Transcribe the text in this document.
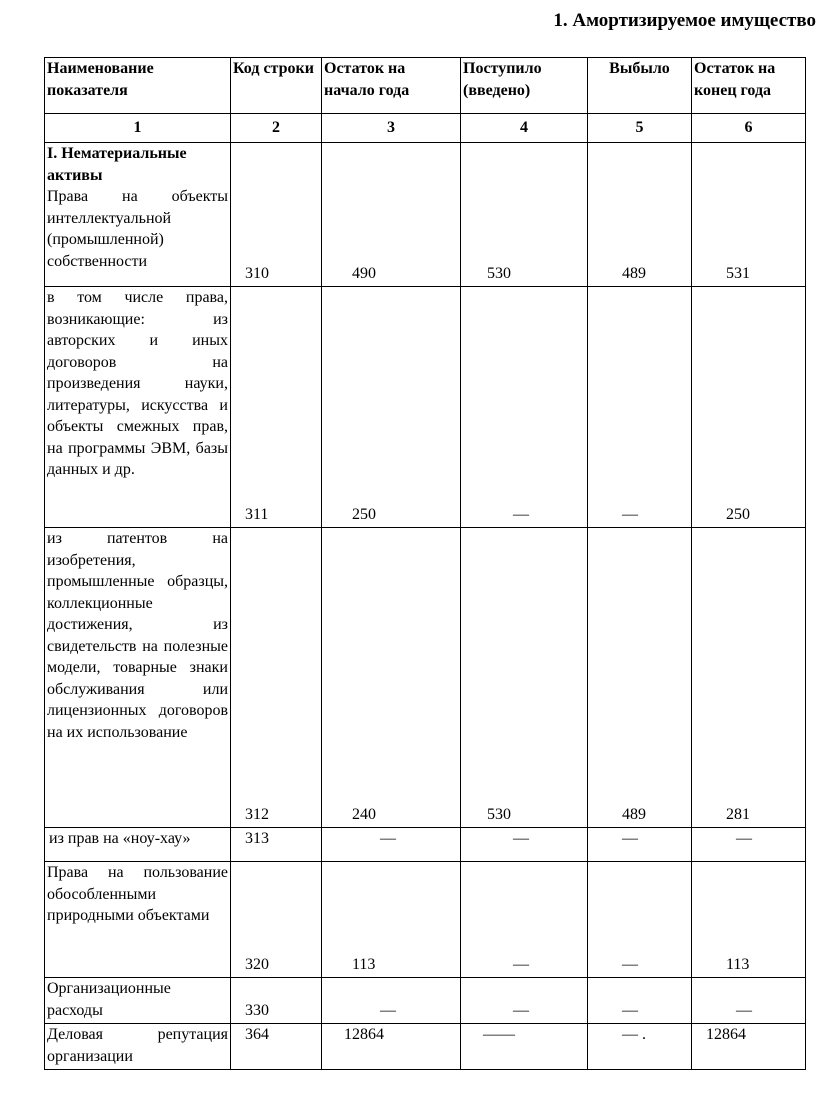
1. Амортизируемое имущество
Наименование показателя	Код строки	Остаток на начало года	Поступило (введено)	Выбыло	Остаток на конец года
1	2	3	4	5	6

I. Нематериальные активы
Права на объекты интеллектуальной (промышленной) собственности	310	490	530	489	531
в том числе права, возникающие: из авторских и иных договоров на произведения науки, литературы, искусства и объекты смежных прав, на программы ЭВМ, базы данных и др.	311	250	—	—	250
из патентов на изобретения, промышленные образцы, коллекционные достижения, из свидетельств на полезные модели, товарные знаки обслуживания или лицензионных договоров на их использование	312	240	530	489	281
из прав на «ноу-хау»	313	—	—	—	—
Права на пользование обособленными природными объектами	320	113	—	—	113
Организационные расходы	330	—	—	—	—
Деловая репутация организации	364	12864	——	— .	12864
